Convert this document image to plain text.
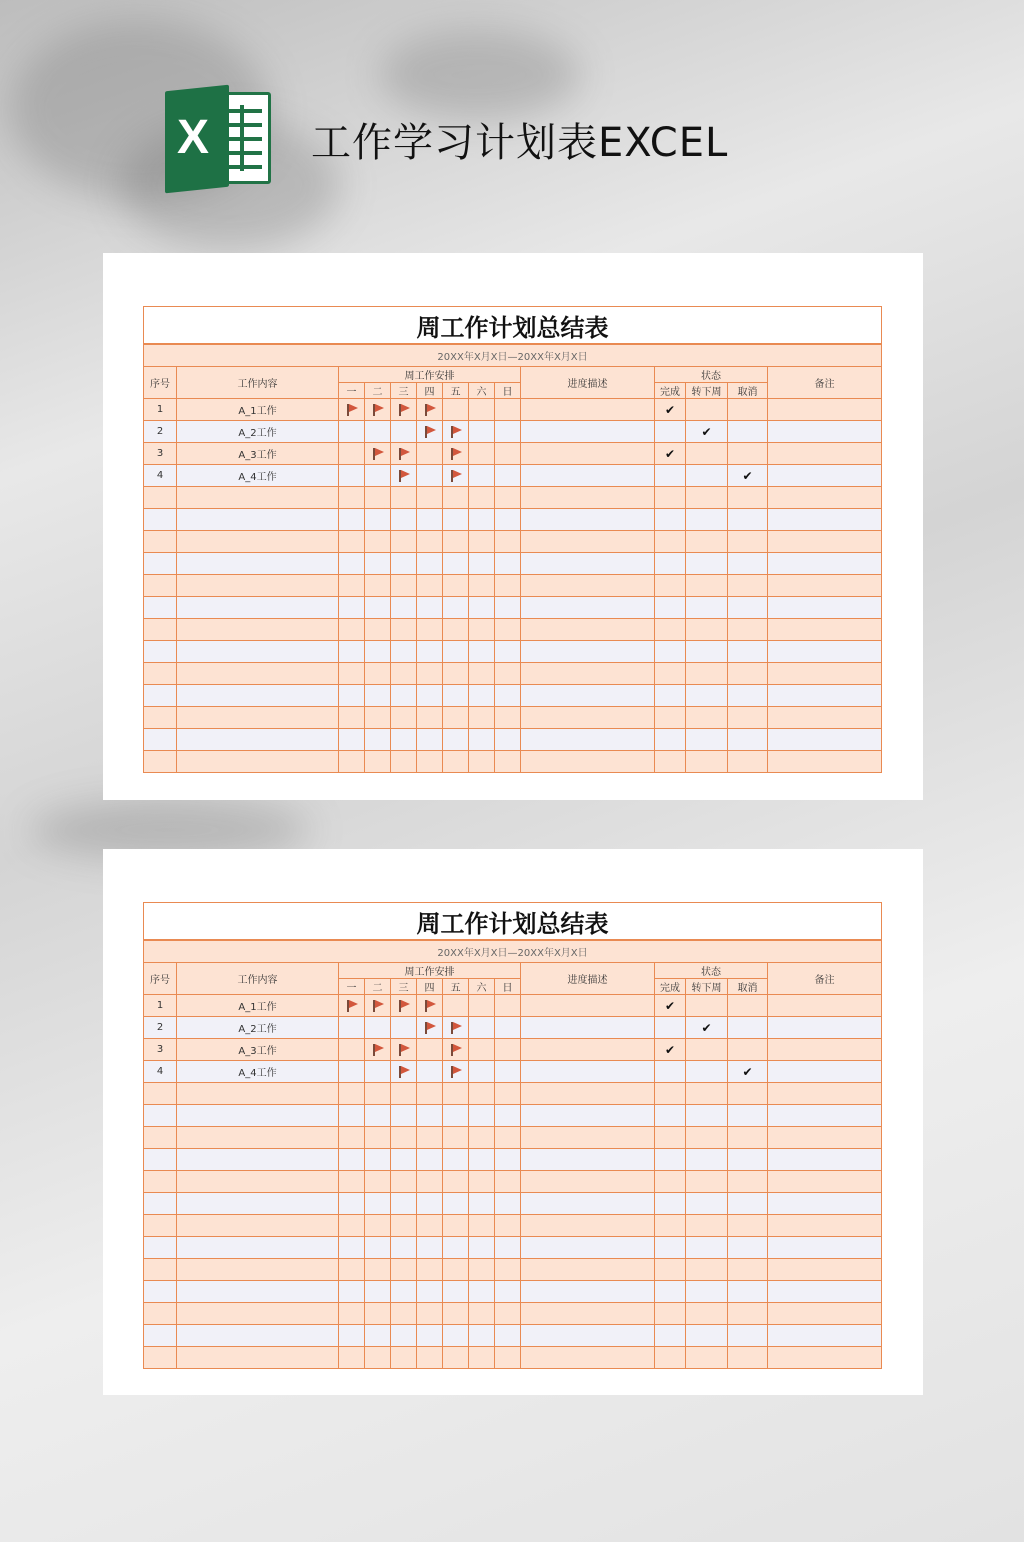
X	工作学习计划表EXCEL
周工作计划总结表													
20XX年X月X日—20XX年X月X日													
序号	工作内容	周工作安排							进度描述	状态			备注
		一	二	三	四	五	六	日		完成	转下周	取消	
1	A_1工作									✔			
2	A_2工作										✔		
3	A_3工作									✔			
4	A_4工作											✔	

周工作计划总结表													
20XX年X月X日—20XX年X月X日													
序号	工作内容	周工作安排							进度描述	状态			备注
		一	二	三	四	五	六	日		完成	转下周	取消	
1	A_1工作									✔			
2	A_2工作										✔		
3	A_3工作									✔			
4	A_4工作											✔	
